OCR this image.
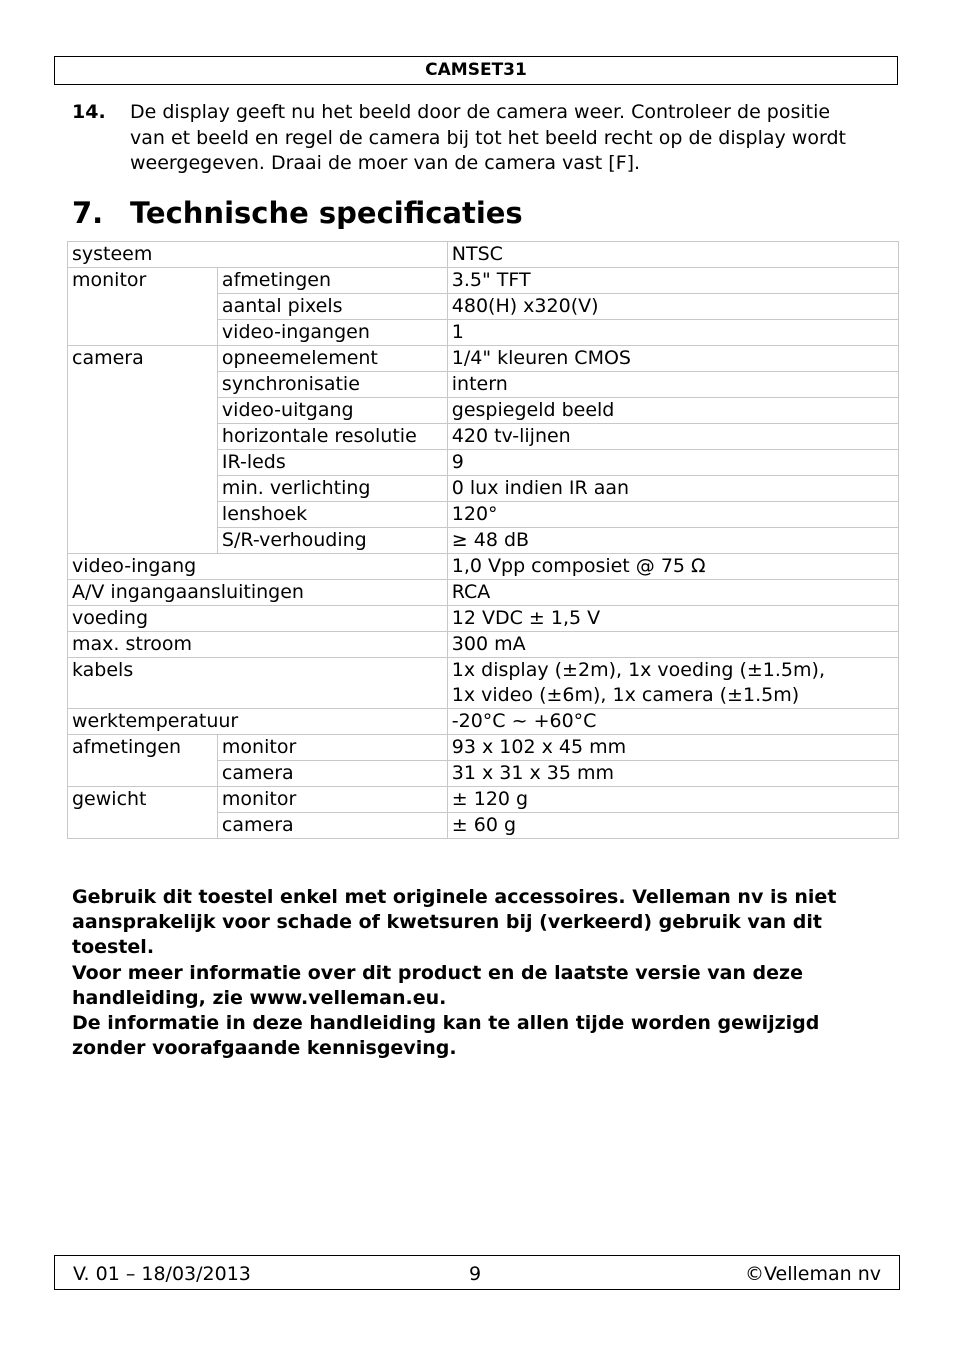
CAMSET31
14. De display geeft nu het beeld door de camera weer. Controleer de positie van et beeld en regel de camera bij tot het beeld recht op de display wordt weergegeven. Draai de moer van de camera vast [F].
7. Technische specificaties
systeem		NTSC
monitor	afmetingen	3.5" TFT
	aantal pixels	480(H) x320(V)
	video-ingangen	1
camera	opneemelement	1/4" kleuren CMOS
	synchronisatie	intern
	video-uitgang	gespiegeld beeld
	horizontale resolutie	420 tv-lijnen
	IR-leds	9
	min. verlichting	0 lux indien IR aan
	lenshoek	120°
	S/R-verhouding	≥ 48 dB
video-ingang		1,0 Vpp composiet @ 75 Ω
A/V ingangaansluitingen		RCA
voeding		12 VDC ± 1,5 V
max. stroom		300 mA
kabels		1x display (±2m), 1x voeding (±1.5m),
1x video (±6m), 1x camera (±1.5m)

werktemperatuur		-20°C ~ +60°C
afmetingen	monitor	93 x 102 x 45 mm
	camera	31 x 31 x 35 mm
gewicht	monitor	± 120 g
	camera	± 60 g

Gebruik dit toestel enkel met originele accessoires. Velleman nv is niet aansprakelijk voor schade of kwetsuren bij (verkeerd) gebruik van dit toestel.

Voor meer informatie over dit product en de laatste versie van deze handleiding, zie www.velleman.eu.

De informatie in deze handleiding kan te allen tijde worden gewijzigd zonder voorafgaande kennisgeving.

V. 01 – 18/03/2013	9	©Velleman nv
